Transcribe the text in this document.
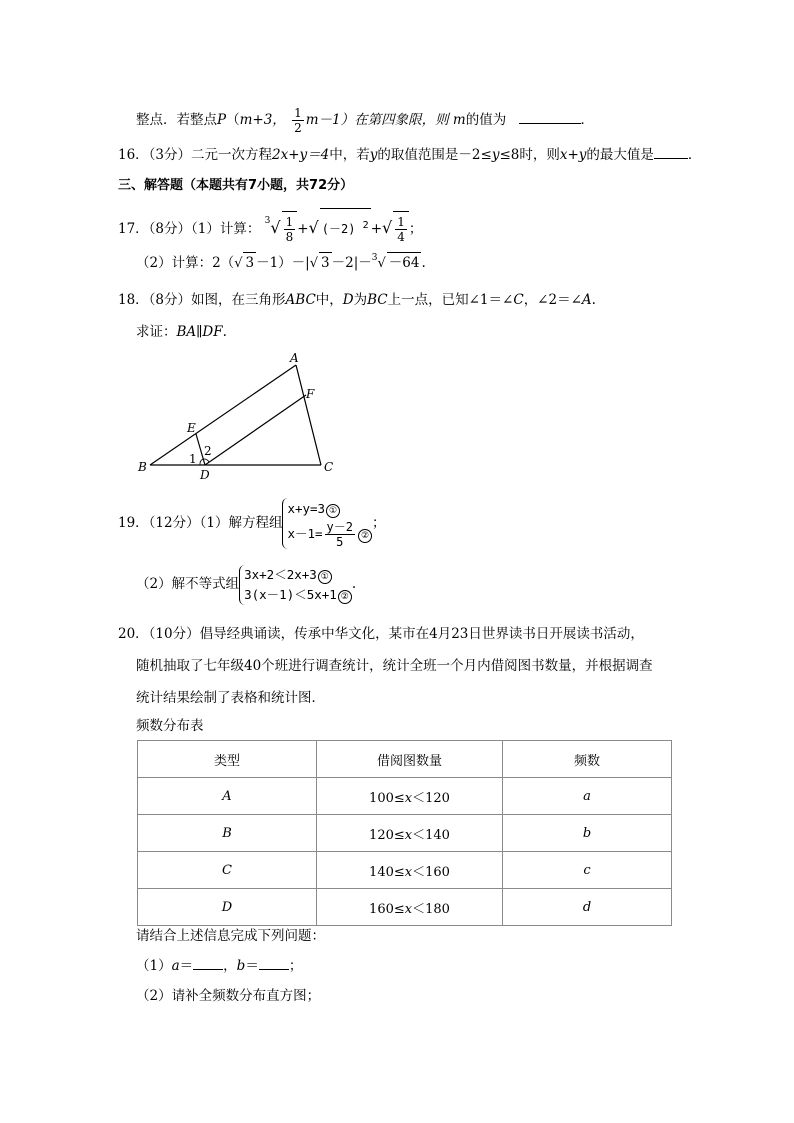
整点．若整点P（m+3， $\frac{1}{2} m-1$）在第四象限，则 m的值为	．
16．（3分）二元一次方程2x+y＝4中，若y的取值范围是－2≤y≤8时，则x+y的最大值是	．
三、解答题（本题共有7小题，共72分）
17．（8分）（1）计算： $^3√ \frac{1}{8}$ +√ (－2) $^2$ +√ $\frac{1}{4}$ ；
（2）计算：2（√ 3 －1）－|√ 3 －2|－$^3$√ －64 .
18．（8分）如图，在三角形ABC中，D为BC上一点，已知∠1＝∠C，∠2＝∠A.
求证：BA∥DF.
A
B	C
D
E
F
1
2
19．（12分）（1）解方程组
x+y=3 ①
$x-1= \frac{y-2}{5}$ ②
；
（2）解不等式组
3x+2＜2x+3 ①
3(x－1)＜5x+1 ②
.
20．（10分）倡导经典诵读，传承中华文化，某市在4月23日世界读书日开展读书活动，
随机抽取了七年级40个班进行调查统计，统计全班一个月内借阅图书数量，并根据调查
统计结果绘制了表格和统计图．
频数分布表
类型	借阅图数量	频数
A	100≤x＜120	a
B	120≤x＜140	b
C	140≤x＜160	c
D	160≤x＜180	d
请结合上述信息完成下列问题：
（1）a＝ ，b＝ ；
（2）请补全频数分布直方图；
